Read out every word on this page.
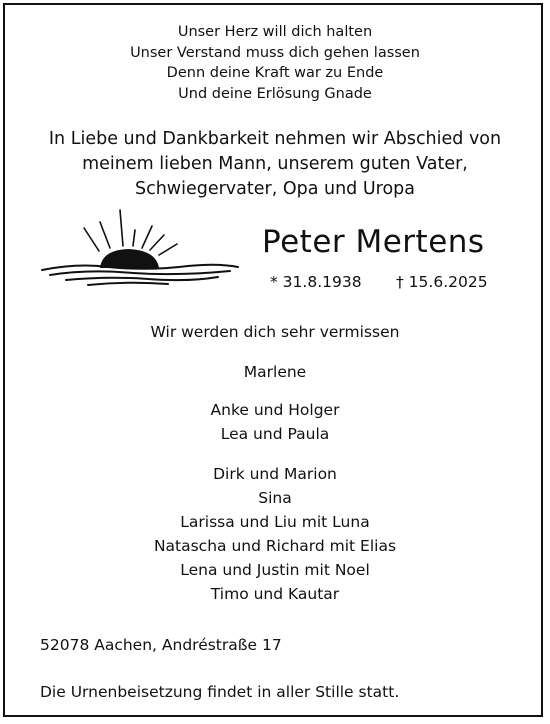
Unser Herz will dich halten
Unser Verstand muss dich gehen lassen
Denn deine Kraft war zu Ende
Und deine Erlösung Gnade
In Liebe und Dankbarkeit nehmen wir Abschied von
meinem lieben Mann, unserem guten Vater,
Schwiegervater, Opa und Uropa
Peter Mertens
* 31.8.1938 † 15.6.2025
Wir werden dich sehr vermissen
Marlene
Anke und Holger
Lea und Paula
Dirk und Marion
Sina
Larissa und Liu mit Luna
Natascha und Richard mit Elias
Lena und Justin mit Noel
Timo und Kautar
52078 Aachen, Andréstraße 17
Die Urnenbeisetzung findet in aller Stille statt.
